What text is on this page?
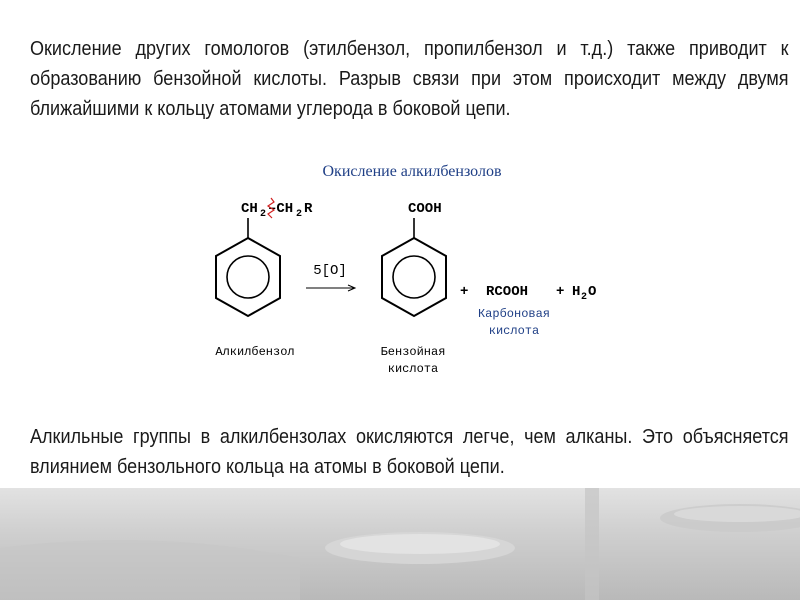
Окисление других гомологов (этилбензол, пропилбензол и т.д.) также приводит к образованию бензойной кислоты. Разрыв связи при этом происходит между двумя ближайшими к кольцу атомами углерода в боковой цепи.
Окисление алкилбензолов
CH 2 –CH 2 R
5[O]
COOH
+ RCOOH + H 2 O
Алкилбензол	Бензойная
кислота
Карбоновая
кислота
Алкильные группы в алкилбензолах окисляются легче, чем алканы. Это объясняется влиянием бензольного кольца на атомы в боковой цепи.
